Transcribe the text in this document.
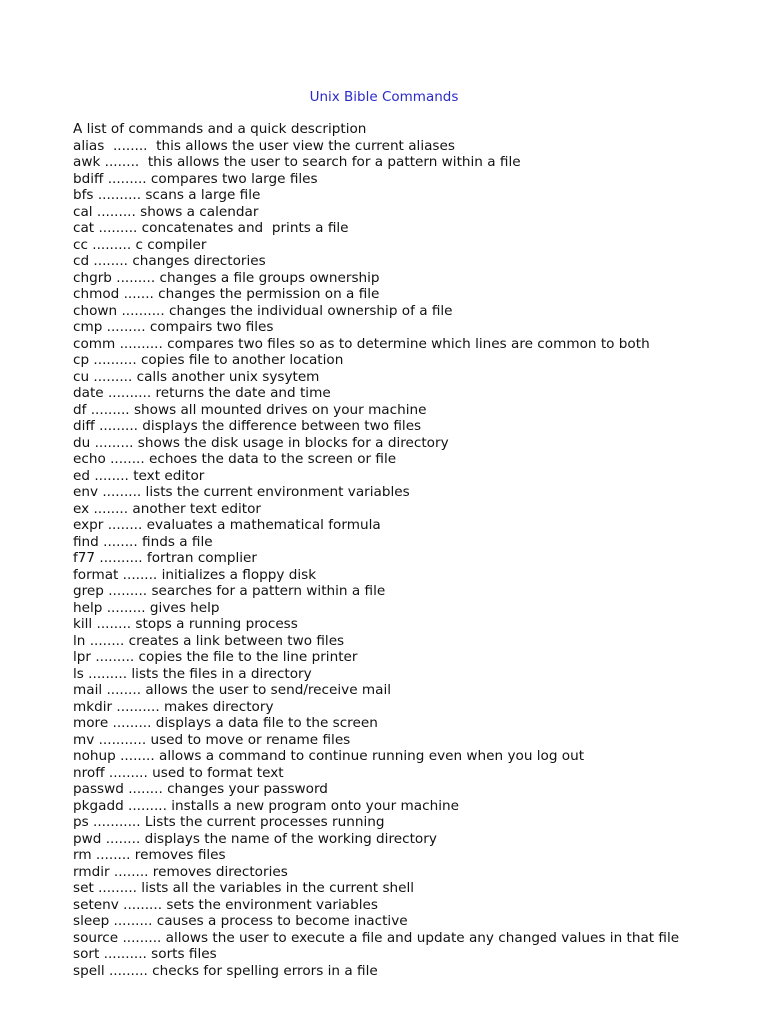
Unix Bible Commands
A list of commands and a quick description
alias  ........  this allows the user view the current aliases
awk ........  this allows the user to search for a pattern within a file
bdiff ......... compares two large files
bfs .......... scans a large file
cal ......... shows a calendar
cat ......... concatenates and  prints a file
cc ......... c compiler
cd ........ changes directories
chgrb ......... changes a file groups ownership
chmod ....... changes the permission on a file
chown .......... changes the individual ownership of a file
cmp ......... compairs two files
comm .......... compares two files so as to determine which lines are common to both
cp .......... copies file to another location
cu ......... calls another unix sysytem
date .......... returns the date and time
df ......... shows all mounted drives on your machine
diff ......... displays the difference between two files
du ......... shows the disk usage in blocks for a directory
echo ........ echoes the data to the screen or file
ed ........ text editor
env ......... lists the current environment variables
ex ........ another text editor
expr ........ evaluates a mathematical formula
find ........ finds a file
f77 .......... fortran complier
format ........ initializes a floppy disk
grep ......... searches for a pattern within a file
help ......... gives help
kill ........ stops a running process
ln ........ creates a link between two files
lpr ......... copies the file to the line printer
ls ......... lists the files in a directory
mail ........ allows the user to send/receive mail
mkdir .......... makes directory
more ......... displays a data file to the screen
mv ........... used to move or rename files
nohup ........ allows a command to continue running even when you log out
nroff ......... used to format text
passwd ........ changes your password
pkgadd ......... installs a new program onto your machine
ps ........... Lists the current processes running
pwd ........ displays the name of the working directory
rm ........ removes files
rmdir ........ removes directories
set ......... lists all the variables in the current shell
setenv ......... sets the environment variables
sleep ......... causes a process to become inactive
source ......... allows the user to execute a file and update any changed values in that file
sort .......... sorts files
spell ......... checks for spelling errors in a file
